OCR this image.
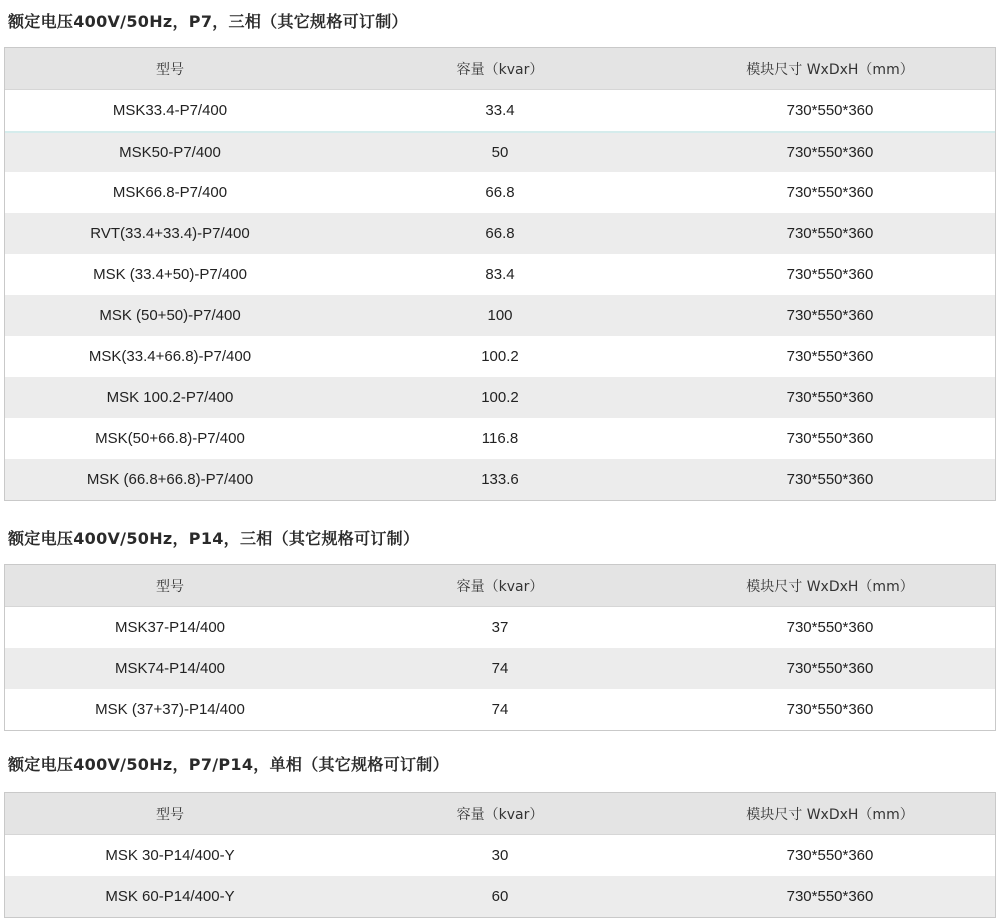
额定电压400V/50Hz，P7，三相（其它规格可订制）
型号	容量（kvar）	模块尺寸 WxDxH（mm）
MSK33.4-P7/400	33.4	730*550*360
MSK50-P7/400	50	730*550*360
MSK66.8-P7/400	66.8	730*550*360
RVT(33.4+33.4)-P7/400	66.8	730*550*360
MSK (33.4+50)-P7/400	83.4	730*550*360
MSK (50+50)-P7/400	100	730*550*360
MSK(33.4+66.8)-P7/400	100.2	730*550*360
MSK 100.2-P7/400	100.2	730*550*360
MSK(50+66.8)-P7/400	116.8	730*550*360
MSK (66.8+66.8)-P7/400	133.6	730*550*360
额定电压400V/50Hz，P14，三相（其它规格可订制）
型号	容量（kvar）	模块尺寸 WxDxH（mm）
MSK37-P14/400	37	730*550*360
MSK74-P14/400	74	730*550*360
MSK (37+37)-P14/400	74	730*550*360
额定电压400V/50Hz，P7/P14，单相（其它规格可订制）
型号	容量（kvar）	模块尺寸 WxDxH（mm）
MSK 30-P14/400-Y	30	730*550*360
MSK 60-P14/400-Y	60	730*550*360
